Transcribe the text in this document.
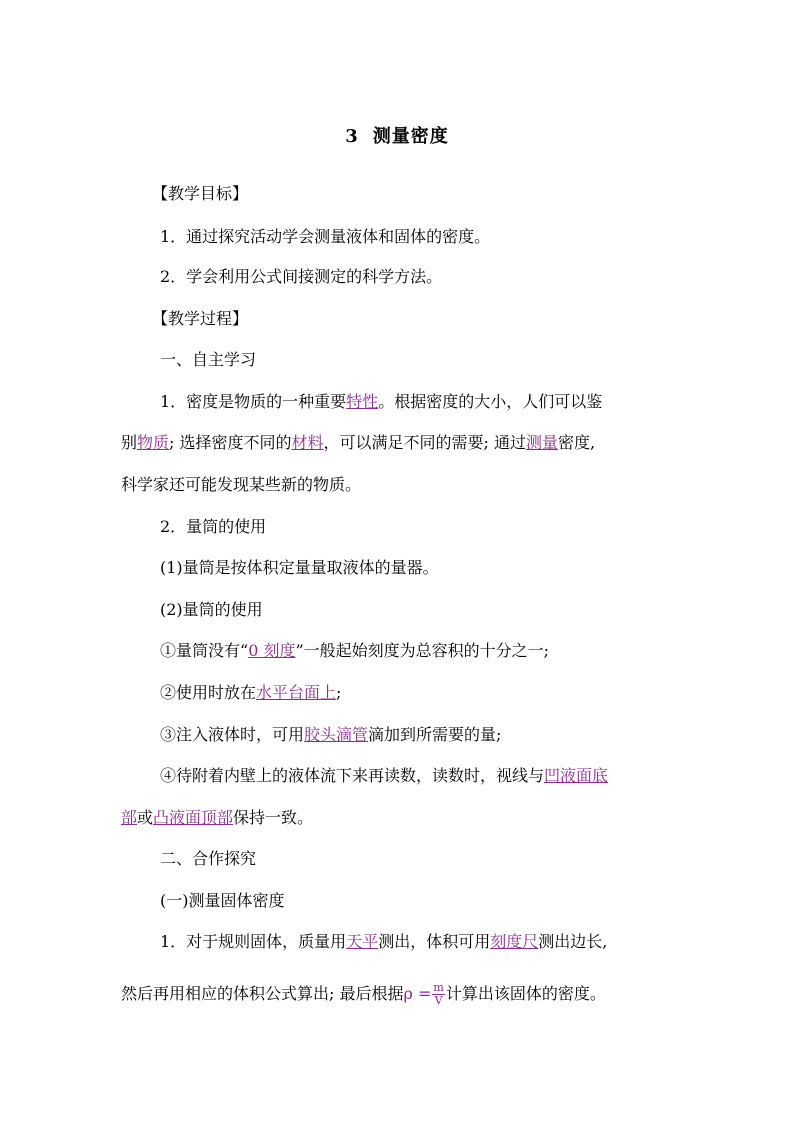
3 测量密度
【教学目标】
1．通过探究活动学会测量液体和固体的密度。
2．学会利用公式间接测定的科学方法。
【教学过程】
一、自主学习
1．密度是物质的一种重要特性。根据密度的大小，人们可以鉴
别物质; 选择密度不同的材料，可以满足不同的需要; 通过测量密度,
科学家还可能发现某些新的物质。
2．量筒的使用
(1)量筒是按体积定量量取液体的量器。
(2)量筒的使用
①量筒没有“0 刻度”一般起始刻度为总容积的十分之一;
②使用时放在水平台面上;
③注入液体时，可用胶头滴管滴加到所需要的量;
④待附着内壁上的液体流下来再读数，读数时，视线与凹液面底
部或凸液面顶部保持一致。
二、合作探究
(一)测量固体密度
1．对于规则固体，质量用天平测出，体积可用刻度尺测出边长,
然后再用相应的体积公式算出; 最后根据$\rho = \frac{m}{V}$ 计算出该固体的密度。
